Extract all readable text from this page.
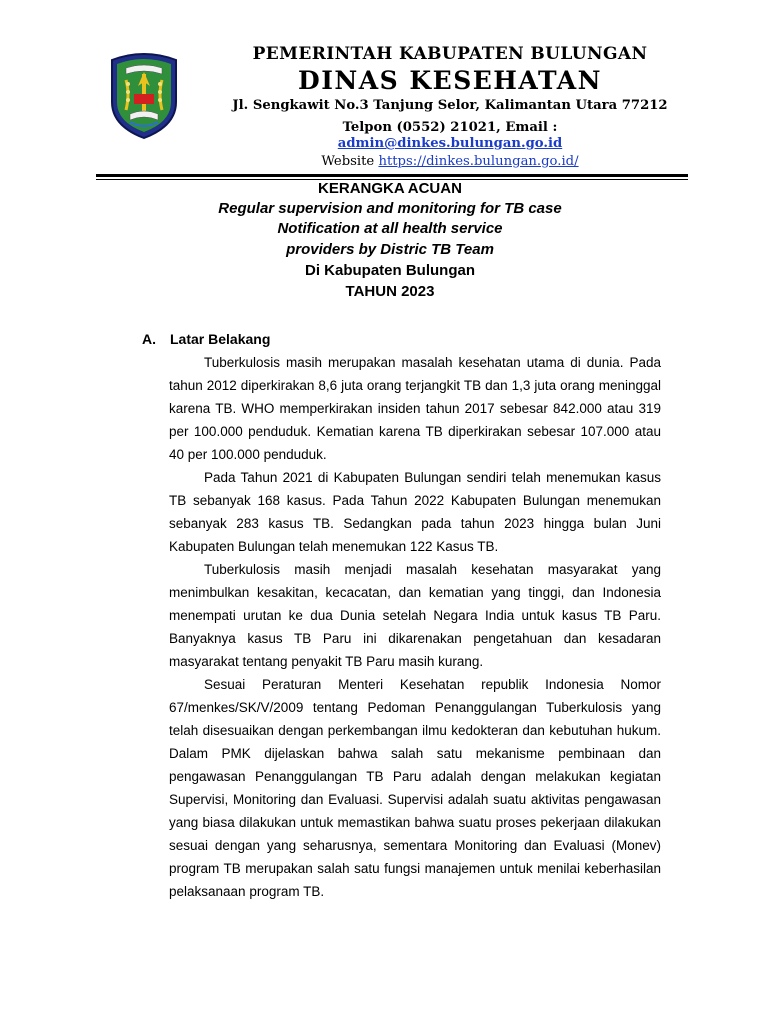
PEMERINTAH KABUPATEN BULUNGAN
DINAS KESEHATAN
Jl. Sengkawit No.3 Tanjung Selor, Kalimantan Utara 77212
Telpon (0552) 21021, Email :
admin@dinkes.bulungan.go.id
Website https://dinkes.bulungan.go.id/
KERANGKA ACUAN
Regular supervision and monitoring for TB case
Notification at all health service
providers by Distric TB Team
Di Kabupaten Bulungan
TAHUN 2023
A. Latar Belakang

Tuberkulosis masih merupakan masalah kesehatan utama di dunia. Pada tahun 2012 diperkirakan 8,6 juta orang terjangkit TB dan 1,3 juta orang meninggal karena TB. WHO memperkirakan insiden tahun 2017 sebesar 842.000 atau 319 per 100.000 penduduk. Kematian karena TB diperkirakan sebesar 107.000 atau 40 per 100.000 penduduk.

Pada Tahun 2021 di Kabupaten Bulungan sendiri telah menemukan kasus TB sebanyak 168 kasus. Pada Tahun 2022 Kabupaten Bulungan menemukan sebanyak 283 kasus TB. Sedangkan pada tahun 2023 hingga bulan Juni Kabupaten Bulungan telah menemukan 122 Kasus TB.

Tuberkulosis masih menjadi masalah kesehatan masyarakat yang menimbulkan kesakitan, kecacatan, dan kematian yang tinggi, dan Indonesia menempati urutan ke dua Dunia setelah Negara India untuk kasus TB Paru. Banyaknya kasus TB Paru ini dikarenakan pengetahuan dan kesadaran masyarakat tentang penyakit TB Paru masih kurang.

Sesuai Peraturan Menteri Kesehatan republik Indonesia Nomor 67/menkes/SK/V/2009 tentang Pedoman Penanggulangan Tuberkulosis yang telah disesuaikan dengan perkembangan ilmu kedokteran dan kebutuhan hukum. Dalam PMK dijelaskan bahwa salah satu mekanisme pembinaan dan pengawasan Penanggulangan TB Paru adalah dengan melakukan kegiatan Supervisi, Monitoring dan Evaluasi. Supervisi adalah suatu aktivitas pengawasan yang biasa dilakukan untuk memastikan bahwa suatu proses pekerjaan dilakukan sesuai dengan yang seharusnya, sementara Monitoring dan Evaluasi (Monev) program TB merupakan salah satu fungsi manajemen untuk menilai keberhasilan pelaksanaan program TB.
